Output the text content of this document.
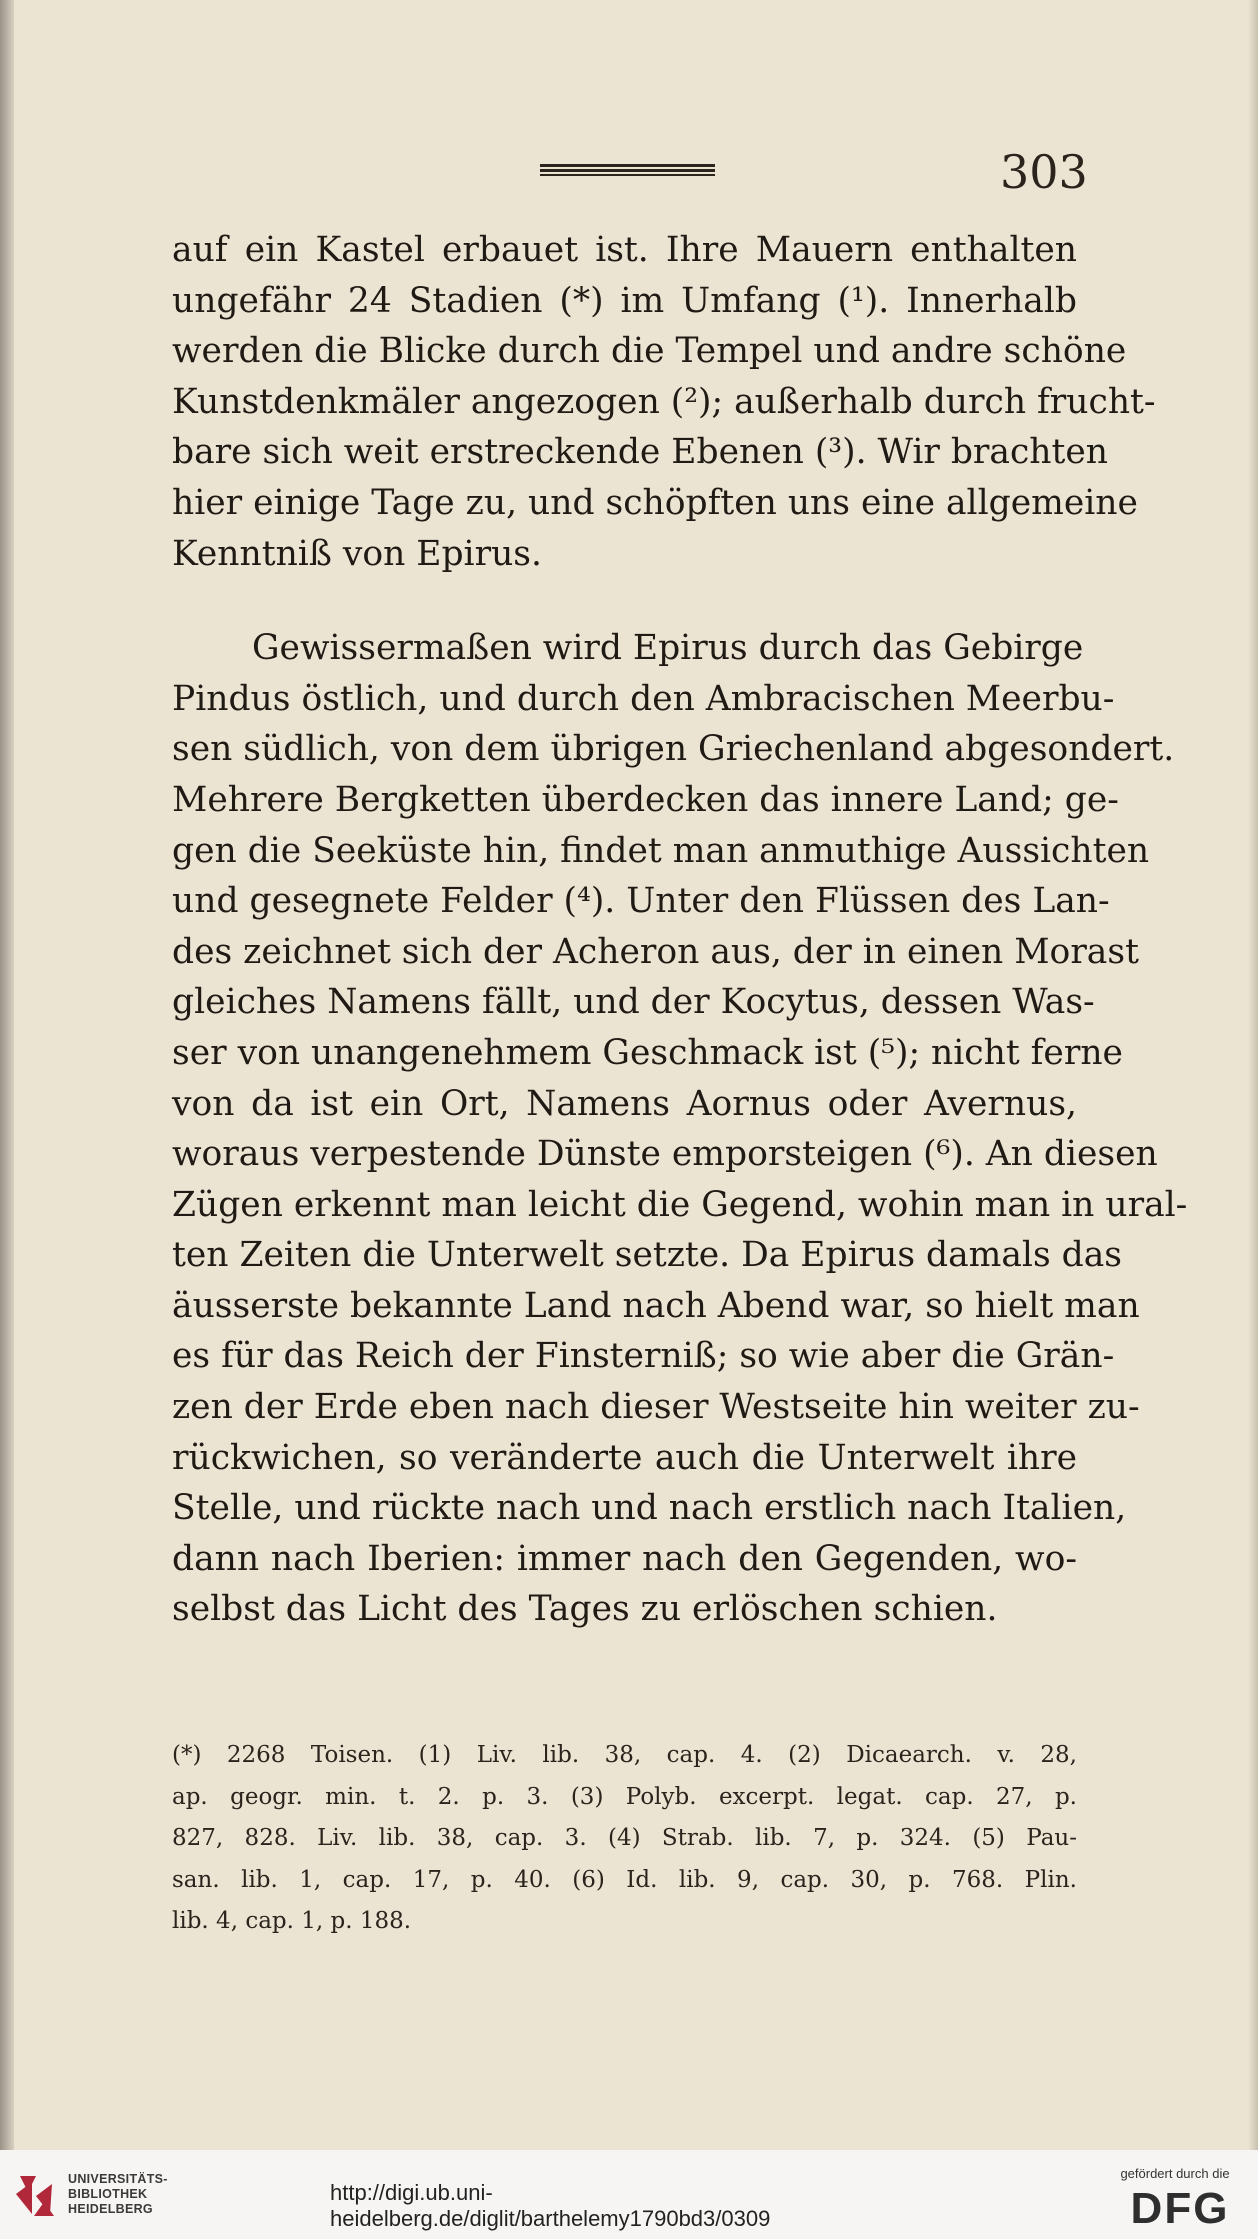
303
auf ein Kastel erbauet ist. Ihre Mauern enthalten
ungefähr 24 Stadien (*) im Umfang (¹). Innerhalb
werden die Blicke durch die Tempel und andre schöne
Kunstdenkmäler angezogen (²); außerhalb durch frucht-
bare sich weit erstreckende Ebenen (³). Wir brachten
hier einige Tage zu, und schöpften uns eine allgemeine
Kenntniß von Epirus.
Gewissermaßen wird Epirus durch das Gebirge
Pindus östlich, und durch den Ambracischen Meerbu-
sen südlich, von dem übrigen Griechenland abgesondert.
Mehrere Bergketten überdecken das innere Land; ge-
gen die Seeküste hin, findet man anmuthige Aussichten
und gesegnete Felder (⁴). Unter den Flüssen des Lan-
des zeichnet sich der Acheron aus, der in einen Morast
gleiches Namens fällt, und der Kocytus, dessen Was-
ser von unangenehmem Geschmack ist (⁵); nicht ferne
von da ist ein Ort, Namens Aornus oder Avernus,
woraus verpestende Dünste emporsteigen (⁶). An diesen
Zügen erkennt man leicht die Gegend, wohin man in ural-
ten Zeiten die Unterwelt setzte. Da Epirus damals das
äusserste bekannte Land nach Abend war, so hielt man
es für das Reich der Finsterniß; so wie aber die Grän-
zen der Erde eben nach dieser Westseite hin weiter zu-
rückwichen, so veränderte auch die Unterwelt ihre
Stelle, und rückte nach und nach erstlich nach Italien,
dann nach Iberien: immer nach den Gegenden, wo-
selbst das Licht des Tages zu erlöschen schien.
(*) 2268 Toisen. (1) Liv. lib. 38, cap. 4. (2) Dicaearch. v. 28,
ap. geogr. min. t. 2. p. 3. (3) Polyb. excerpt. legat. cap. 27, p.
827, 828. Liv. lib. 38, cap. 3. (4) Strab. lib. 7, p. 324. (5) Pau-
san. lib. 1, cap. 17, p. 40. (6) Id. lib. 9, cap. 30, p. 768. Plin.
lib. 4, cap. 1, p. 188.
UNIVERSITÄTS-
BIBLIOTHEK
HEIDELBERG
http://digi.ub.uni-heidelberg.de/diglit/barthelemy1790bd3/0309
gefördert durch die
DFG
